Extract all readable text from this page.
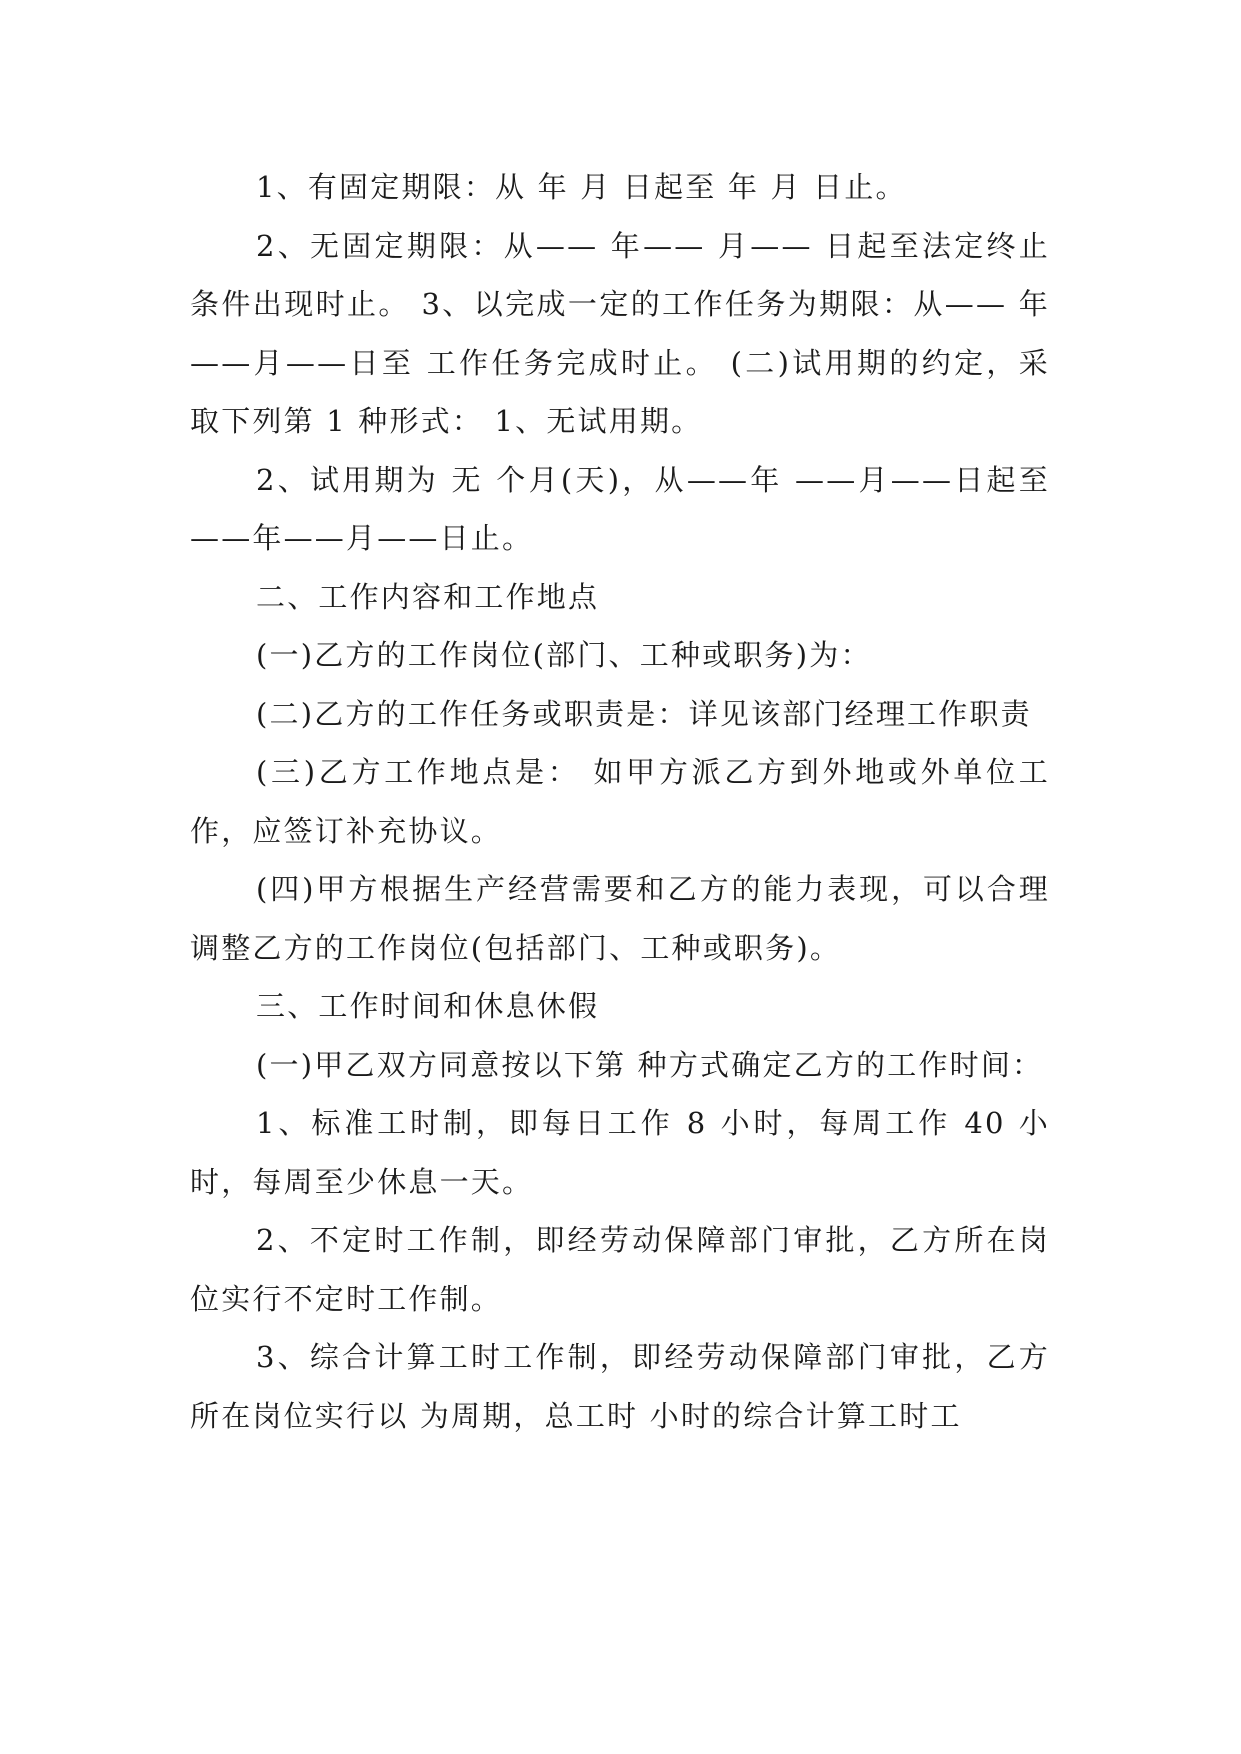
1、有固定期限：从 年 月 日起至 年 月 日止。

2、无固定期限：从—— 年—— 月—— 日起至法定终止条件出现时止。 3、以完成一定的工作任务为期限：从—— 年——月——日至 工作任务完成时止。 (二)试用期的约定，采取下列第 1 种形式： 1、无试用期。

2、试用期为 无 个月(天)，从——年 ——月——日起至 ——年——月——日止。

二、工作内容和工作地点

(一)乙方的工作岗位(部门、工种或职务)为：

(二)乙方的工作任务或职责是：详见该部门经理工作职责

(三)乙方工作地点是： 如甲方派乙方到外地或外单位工作，应签订补充协议。

(四)甲方根据生产经营需要和乙方的能力表现，可以合理调整乙方的工作岗位(包括部门、工种或职务)。

三、工作时间和休息休假

(一)甲乙双方同意按以下第 种方式确定乙方的工作时间：

1、标准工时制，即每日工作 8 小时，每周工作 40 小时，每周至少休息一天。

2、不定时工作制，即经劳动保障部门审批，乙方所在岗位实行不定时工作制。

3、综合计算工时工作制，即经劳动保障部门审批，乙方所在岗位实行以 为周期，总工时 小时的综合计算工时工
